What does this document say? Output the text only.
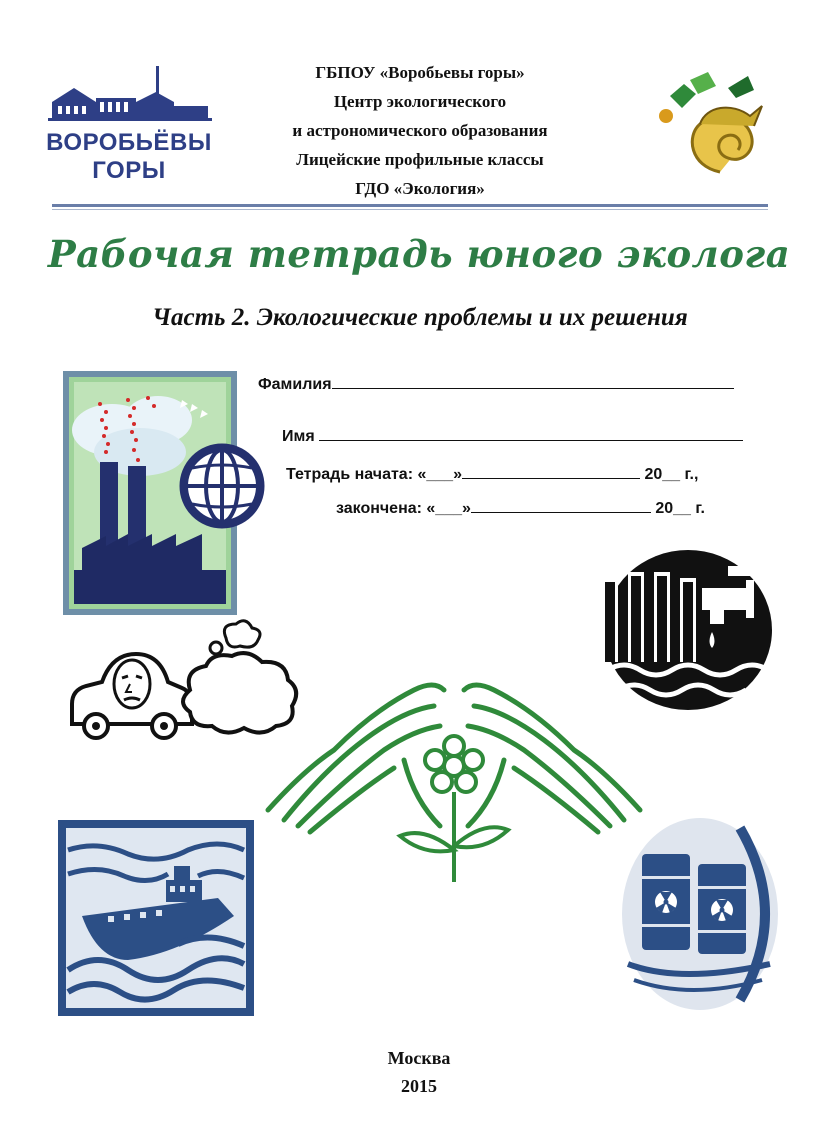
ВОРОБЬЁВЫ
ГОРЫ
ГБПОУ «Воробьевы горы»
Центр экологического
и астрономического образования
Лицейские профильные классы
ГДО «Экология»
Рабочая тетрадь юного эколога
Часть 2. Экологические проблемы и их решения
Фамилия
Имя
Тетрадь начата: «___»	20__ г.,
закончена: «___»	20__ г.
Москва
2015
